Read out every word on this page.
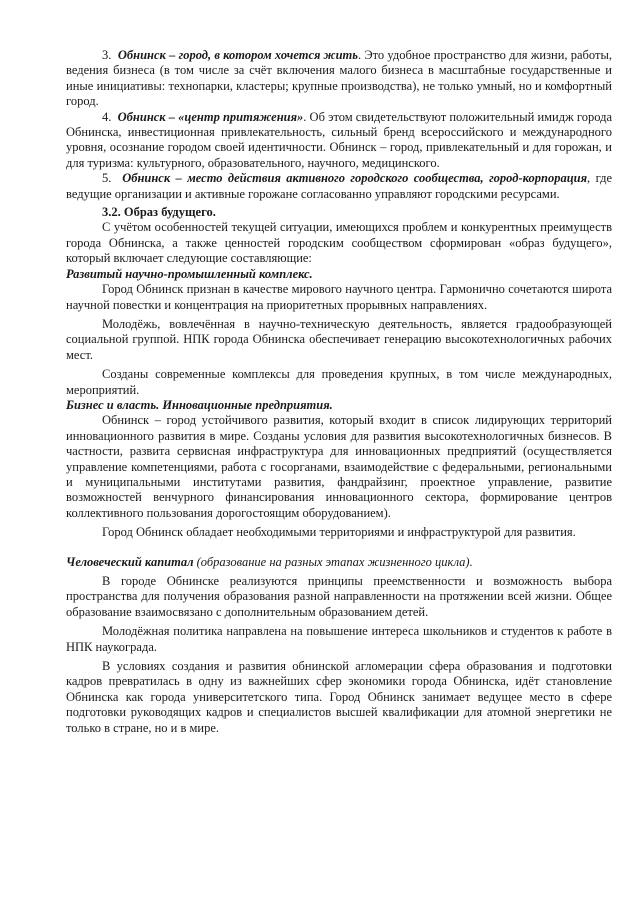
3. Обнинск – город, в котором хочется жить. Это удобное пространство для жизни, работы, ведения бизнеса (в том числе за счёт включения малого бизнеса в масштабные государственные и иные инициативы: технопарки, кластеры; крупные производства), не только умный, но и комфортный город.

4. Обнинск – «центр притяжения». Об этом свидетельствуют положительный имидж города Обнинска, инвестиционная привлекательность, сильный бренд всероссийского и международного уровня, осознание городом своей идентичности. Обнинск – город, привлекательный и для горожан, и для туризма: культурного, образовательного, научного, медицинского.

5. Обнинск – место действия активного городского сообщества, город-корпорация, где ведущие организации и активные горожане согласованно управляют городскими ресурсами.

3.2. Образ будущего.

С учётом особенностей текущей ситуации, имеющихся проблем и конкурентных преимуществ города Обнинска, а также ценностей городским сообществом сформирован «образ будущего», который включает следующие составляющие:

Развитый научно-промышленный комплекс.

Город Обнинск признан в качестве мирового научного центра. Гармонично сочетаются широта научной повестки и концентрация на приоритетных прорывных направлениях.

Молодёжь, вовлечённая в научно-техническую деятельность, является градообразующей социальной группой. НПК города Обнинска обеспечивает генерацию высокотехнологичных рабочих мест.

Созданы современные комплексы для проведения крупных, в том числе международных, мероприятий.

Бизнес и власть. Инновационные предприятия.

Обнинск – город устойчивого развития, который входит в список лидирующих территорий инновационного развития в мире. Созданы условия для развития высокотехнологичных бизнесов. В частности, развита сервисная инфраструктура для инновационных предприятий (осуществляется управление компетенциями, работа с госорганами, взаимодействие с федеральными, региональными и муниципальными институтами развития, фандрайзинг, проектное управление, развитие возможностей венчурного финансирования инновационного сектора, формирование центров коллективного пользования дорогостоящим оборудованием).

Город Обнинск обладает необходимыми территориями и инфраструктурой для развития.

Человеческий капитал (образование на разных этапах жизненного цикла).

В городе Обнинске реализуются принципы преемственности и возможность выбора пространства для получения образования разной направленности на протяжении всей жизни. Общее образование взаимосвязано с дополнительным образованием детей.

Молодёжная политика направлена на повышение интереса школьников и студентов к работе в НПК наукограда.

В условиях создания и развития обнинской агломерации сфера образования и подготовки кадров превратилась в одну из важнейших сфер экономики города Обнинска, идёт становление Обнинска как города университетского типа. Город Обнинск занимает ведущее место в сфере подготовки руководящих кадров и специалистов высшей квалификации для атомной энергетики не только в стране, но и в мире.
